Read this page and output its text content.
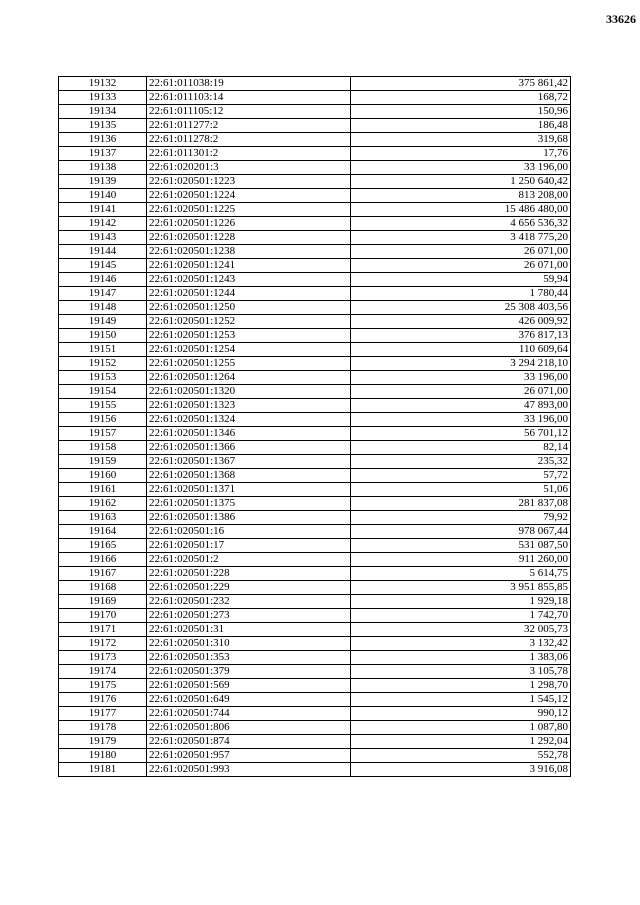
33626
19132	22:61:011038:19	375 861,42
19133	22:61:011103:14	168,72
19134	22:61:011105:12	150,96
19135	22:61:011277:2	186,48
19136	22:61:011278:2	319,68
19137	22:61:011301:2	17,76
19138	22:61:020201:3	33 196,00
19139	22:61:020501:1223	1 250 640,42
19140	22:61:020501:1224	813 208,00
19141	22:61:020501:1225	15 486 480,00
19142	22:61:020501:1226	4 656 536,32
19143	22:61:020501:1228	3 418 775,20
19144	22:61:020501:1238	26 071,00
19145	22:61:020501:1241	26 071,00
19146	22:61:020501:1243	59,94
19147	22:61:020501:1244	1 780,44
19148	22:61:020501:1250	25 308 403,56
19149	22:61:020501:1252	426 009,92
19150	22:61:020501:1253	376 817,13
19151	22:61:020501:1254	110 609,64
19152	22:61:020501:1255	3 294 218,10
19153	22:61:020501:1264	33 196,00
19154	22:61:020501:1320	26 071,00
19155	22:61:020501:1323	47 893,00
19156	22:61:020501:1324	33 196,00
19157	22:61:020501:1346	56 701,12
19158	22:61:020501:1366	82,14
19159	22:61:020501:1367	235,32
19160	22:61:020501:1368	57,72
19161	22:61:020501:1371	51,06
19162	22:61:020501:1375	281 837,08
19163	22:61:020501:1386	79,92
19164	22:61:020501:16	978 067,44
19165	22:61:020501:17	531 087,50
19166	22:61:020501:2	911 260,00
19167	22:61:020501:228	5 614,75
19168	22:61:020501:229	3 951 855,85
19169	22:61:020501:232	1 929,18
19170	22:61:020501:273	1 742,70
19171	22:61:020501:31	32 005,73
19172	22:61:020501:310	3 132,42
19173	22:61:020501:353	1 383,06
19174	22:61:020501:379	3 105,78
19175	22:61:020501:569	1 298,70
19176	22:61:020501:649	1 545,12
19177	22:61:020501:744	990,12
19178	22:61:020501:806	1 087,80
19179	22:61:020501:874	1 292,04
19180	22:61:020501:957	552,78
19181	22:61:020501:993	3 916,08
